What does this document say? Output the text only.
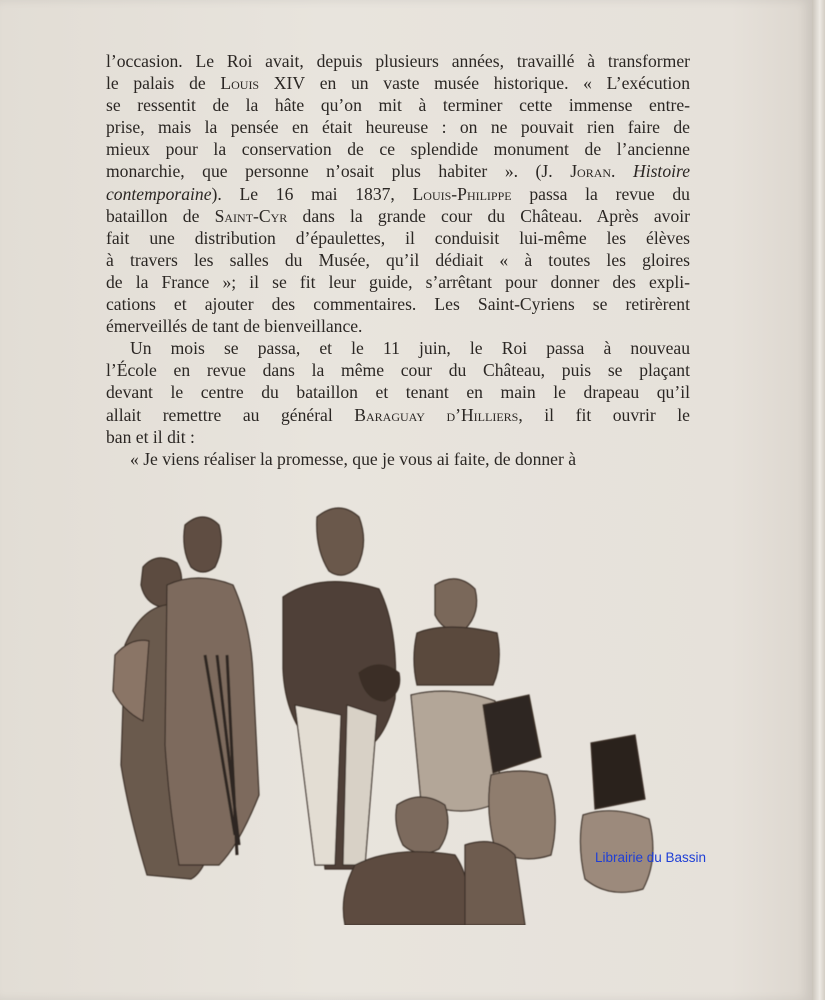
l’occasion. Le Roi avait, depuis plusieurs années, travaillé à transformer
le palais de Louis XIV en un vaste musée historique. « L’exécution
se ressentit de la hâte qu’on mit à terminer cette immense entre-
prise, mais la pensée en était heureuse : on ne pouvait rien faire de
mieux pour la conservation de ce splendide monument de l’ancienne
monarchie, que personne n’osait plus habiter ». (J. Joran. Histoire
contemporaine). Le 16 mai 1837, Louis-Philippe passa la revue du
bataillon de Saint-Cyr dans la grande cour du Château. Après avoir
fait une distribution d’épaulettes, il conduisit lui-même les élèves
à travers les salles du Musée, qu’il dédiait « à toutes les gloires
de la France »; il se fit leur guide, s’arrêtant pour donner des expli-
cations et ajouter des commentaires. Les Saint-Cyriens se retirèrent
émerveillés de tant de bienveillance.
Un mois se passa, et le 11 juin, le Roi passa à nouveau
l’École en revue dans la même cour du Château, puis se plaçant
devant le centre du bataillon et tenant en main le drapeau qu’il
allait remettre au général Baraguay d’Hilliers, il fit ouvrir le
ban et il dit :
« Je viens réaliser la promesse, que je vous ai faite, de donner à
Librairie du Bassin
